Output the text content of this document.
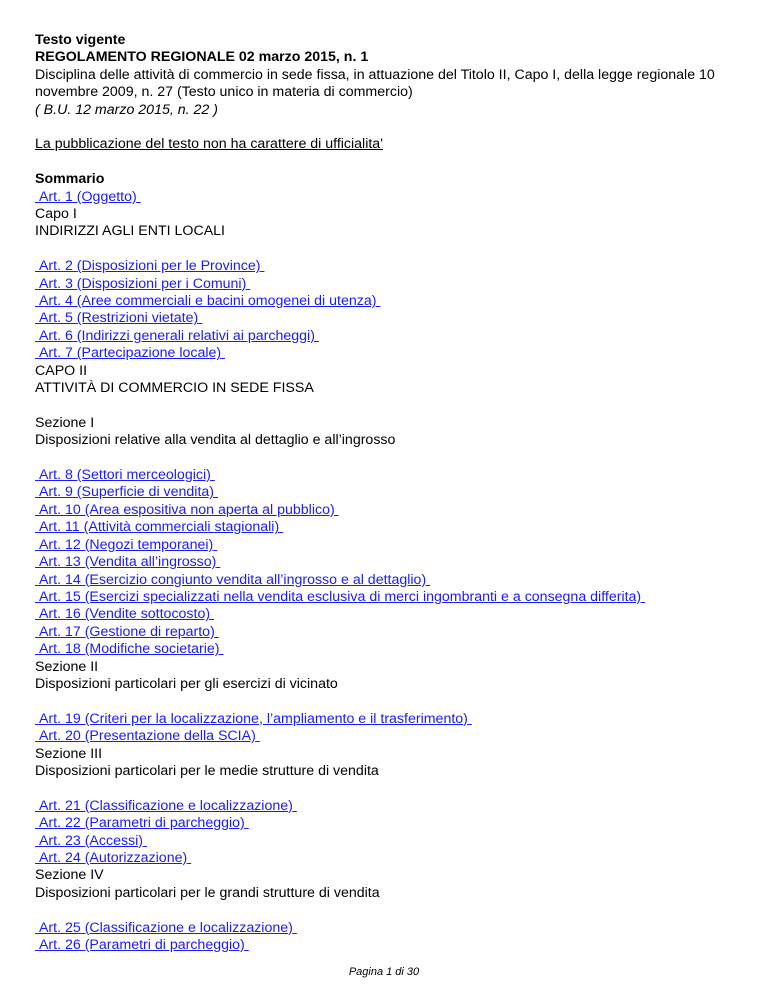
Testo vigente
REGOLAMENTO REGIONALE 02 marzo 2015, n. 1
Disciplina delle attività di commercio in sede fissa, in attuazione del Titolo II, Capo I, della legge regionale 10
novembre 2009, n. 27 (Testo unico in materia di commercio)
( B.U. 12 marzo 2015, n. 22 )
La pubblicazione del testo non ha carattere di ufficialita'
Sommario
Art. 1 (Oggetto)
Capo I
INDIRIZZI AGLI ENTI LOCALI
Art. 2 (Disposizioni per le Province)
Art. 3 (Disposizioni per i Comuni)
Art. 4 (Aree commerciali e bacini omogenei di utenza)
Art. 5 (Restrizioni vietate)
Art. 6 (Indirizzi generali relativi ai parcheggi)
Art. 7 (Partecipazione locale)
CAPO II
ATTIVITÀ DI COMMERCIO IN SEDE FISSA
Sezione I
Disposizioni relative alla vendita al dettaglio e all’ingrosso
Art. 8 (Settori merceologici)
Art. 9 (Superficie di vendita)
Art. 10 (Area espositiva non aperta al pubblico)
Art. 11 (Attività commerciali stagionali)
Art. 12 (Negozi temporanei)
Art. 13 (Vendita all’ingrosso)
Art. 14 (Esercizio congiunto vendita all’ingrosso e al dettaglio)
Art. 15 (Esercizi specializzati nella vendita esclusiva di merci ingombranti e a consegna differita)
Art. 16 (Vendite sottocosto)
Art. 17 (Gestione di reparto)
Art. 18 (Modifiche societarie)
Sezione II
Disposizioni particolari per gli esercizi di vicinato
Art. 19 (Criteri per la localizzazione, l’ampliamento e il trasferimento)
Art. 20 (Presentazione della SCIA)
Sezione III
Disposizioni particolari per le medie strutture di vendita
Art. 21 (Classificazione e localizzazione)
Art. 22 (Parametri di parcheggio)
Art. 23 (Accessi)
Art. 24 (Autorizzazione)
Sezione IV
Disposizioni particolari per le grandi strutture di vendita
Art. 25 (Classificazione e localizzazione)
Art. 26 (Parametri di parcheggio)
Pagina 1 di 30
